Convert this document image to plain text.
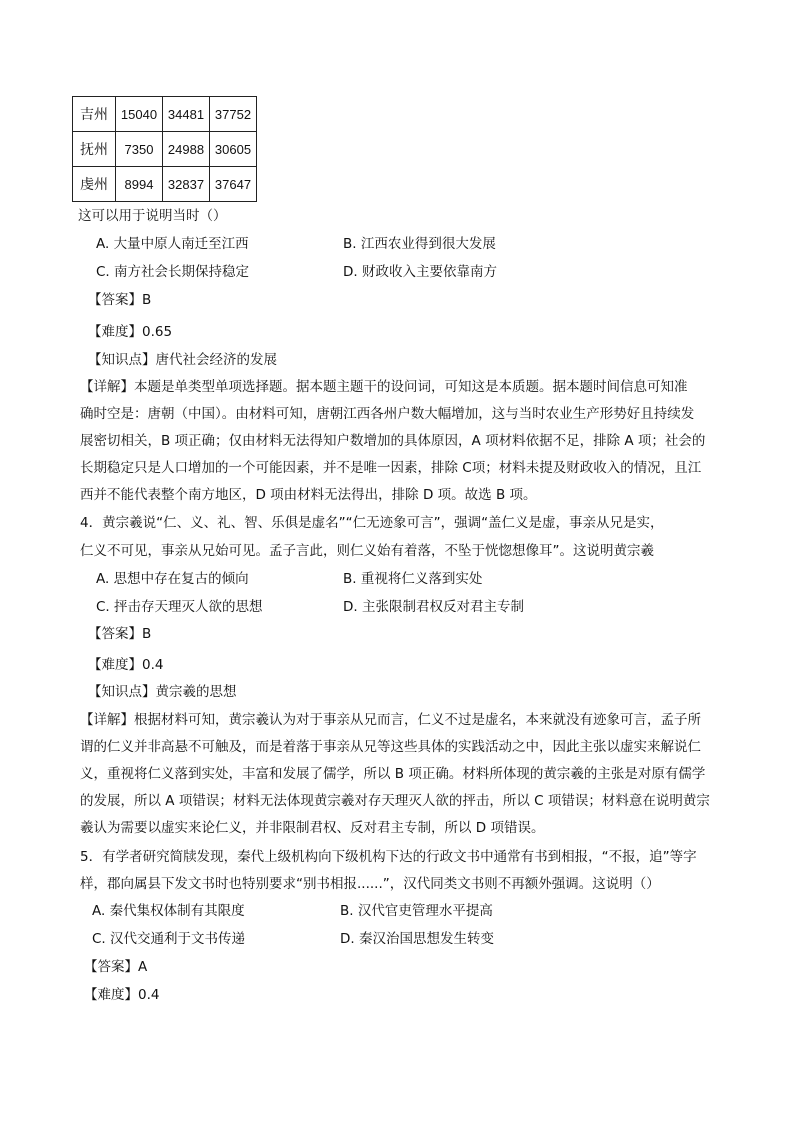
吉州	15040	34481	37752
抚州	7350	24988	30605
虔州	8994	32837	37647
这可以用于说明当时（）
A. 大量中原人南迁至江西	B. 江西农业得到很大发展
C. 南方社会长期保持稳定	D. 财政收入主要依靠南方
【答案】B
【难度】0.65
【知识点】唐代社会经济的发展
【详解】本题是单类型单项选择题。据本题主题干的设问词，可知这是本质题。据本题时间信息可知准
确时空是：唐朝（中国）。由材料可知，唐朝江西各州户数大幅增加，这与当时农业生产形势好且持续发
展密切相关，B 项正确；仅由材料无法得知户数增加的具体原因，A 项材料依据不足，排除 A 项；社会的
长期稳定只是人口增加的一个可能因素，并不是唯一因素，排除 C项；材料未提及财政收入的情况，且江
西并不能代表整个南方地区，D 项由材料无法得出，排除 D 项。故选 B 项。
4．黄宗羲说“仁、义、礼、智、乐俱是虚名”“仁无迹象可言”，强调“盖仁义是虚，事亲从兄是实，
仁义不可见，事亲从兄始可见。孟子言此，则仁义始有着落，不坠于恍惚想像耳”。这说明黄宗羲
A. 思想中存在复古的倾向	B. 重视将仁义落到实处
C. 抨击存天理灭人欲的思想	D. 主张限制君权反对君主专制
【答案】B
【难度】0.4
【知识点】黄宗羲的思想
【详解】根据材料可知，黄宗羲认为对于事亲从兄而言，仁义不过是虚名，本来就没有迹象可言，孟子所
谓的仁义并非高悬不可触及，而是着落于事亲从兄等这些具体的实践活动之中，因此主张以虚实来解说仁
义，重视将仁义落到实处，丰富和发展了儒学，所以 B 项正确。材料所体现的黄宗羲的主张是对原有儒学
的发展，所以 A 项错误；材料无法体现黄宗羲对存天理灭人欲的抨击，所以 C 项错误；材料意在说明黄宗
羲认为需要以虚实来论仁义，并非限制君权、反对君主专制，所以 D 项错误。
5．有学者研究简牍发现，秦代上级机构向下级机构下达的行政文书中通常有书到相报，“不报，追”等字
样，郡向属县下发文书时也特别要求“别书相报......”，汉代同类文书则不再额外强调。这说明（）
A. 秦代集权体制有其限度	B. 汉代官吏管理水平提高
C. 汉代交通利于文书传递	D. 秦汉治国思想发生转变
【答案】A
【难度】0.4
